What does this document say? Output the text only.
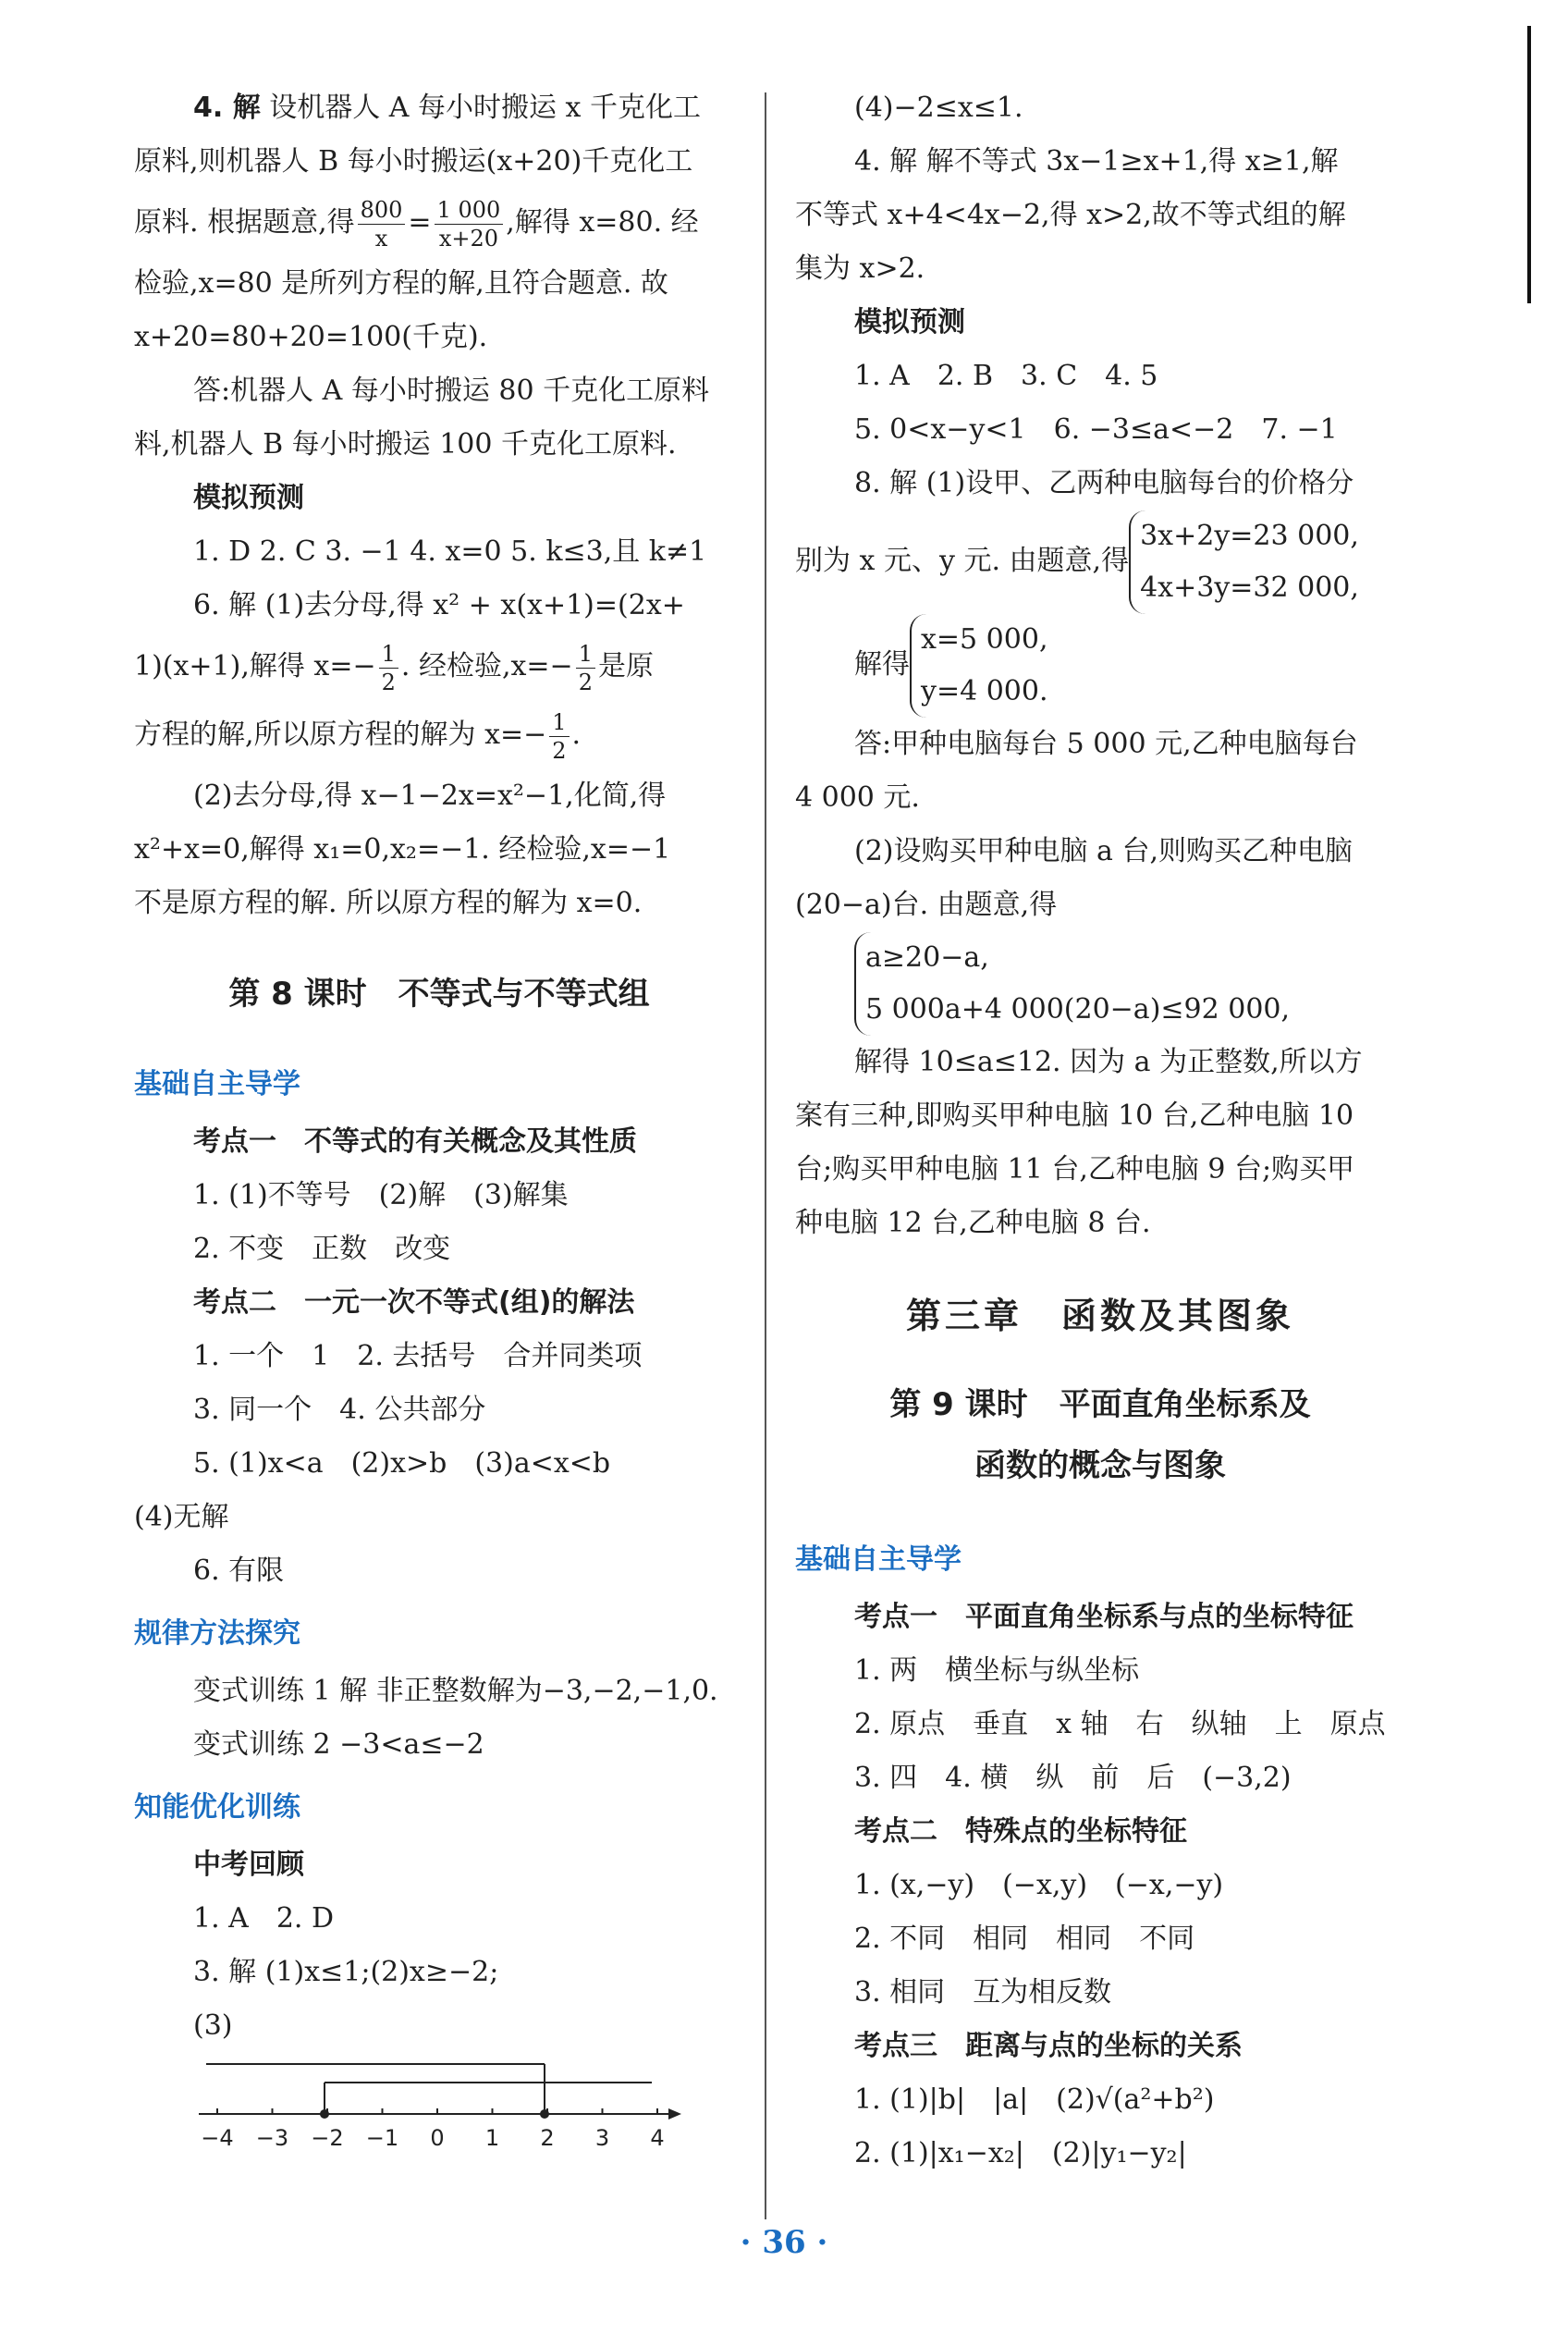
4. 解 设机器人 A 每小时搬运 x 千克化工

原料,则机器人 B 每小时搬运(x+20)千克化工

原料. 根据题意,得 $\frac{800}{x} = \frac{1 000}{x+20}$ ,解得 x=80. 经

检验,x=80 是所列方程的解,且符合题意. 故

x+20=80+20=100(千克).

答:机器人 A 每小时搬运 80 千克化工原料

料,机器人 B 每小时搬运 100 千克化工原料.

模拟预测

1. D 2. C 3. −1 4. x=0 5. k≤3,且 k≠1

6. 解 (1)去分母,得 x² + x(x+1)=(2x+

1)(x+1),解得 $x=- \frac{1}{2}$ . 经检验$,x=- \frac{1}{2}$ 是原

方程的解,所以原方程的解为 $x=- \frac{1}{2}$ .

(2)去分母,得 x−1−2x=x²−1,化简,得

x²+x=0,解得 x₁=0,x₂=−1. 经检验,x=−1

不是原方程的解. 所以原方程的解为 x=0.

第 8 课时　不等式与不等式组

基础自主导学

考点一　不等式的有关概念及其性质

1. (1)不等号　(2)解　(3)解集

2. 不变　正数　改变

考点二　一元一次不等式(组)的解法

1. 一个　1　2. 去括号　合并同类项

3. 同一个　4. 公共部分

5. (1)x<a　(2)x>b　(3)a<x<b

(4)无解

6. 有限

规律方法探究

变式训练 1 解 非正整数解为−3,−2,−1,0.

变式训练 2 −3<a≤−2

知能优化训练

中考回顾

1. A　2. D

3. 解 (1)x≤1;(2)x≥−2;

(3)

−4 −3 −2 −1 0 1 2 3 4

(4)−2≤x≤1.

4. 解 解不等式 3x−1≥x+1,得 x≥1,解

不等式 x+4<4x−2,得 x>2,故不等式组的解

集为 x>2.

模拟预测

1. A　2. B　3. C　4. 5

5. 0<x−y<1　6. −3≤a<−2　7. −1

8. 解 (1)设甲、乙两种电脑每台的价格分

别为 x 元、y 元. 由题意,得
3x+2y=23 000,
4x+3y=32 000,

解得
x=5 000,
y=4 000.

答:甲种电脑每台 5 000 元,乙种电脑每台

4 000 元.

(2)设购买甲种电脑 a 台,则购买乙种电脑

(20−a)台. 由题意,得

a≥20−a,
5 000a+4 000(20−a)≤92 000,

解得 10≤a≤12. 因为 a 为正整数,所以方

案有三种,即购买甲种电脑 10 台,乙种电脑 10

台;购买甲种电脑 11 台,乙种电脑 9 台;购买甲

种电脑 12 台,乙种电脑 8 台.

第三章　函数及其图象

第 9 课时　平面直角坐标系及
函数的概念与图象

基础自主导学

考点一　平面直角坐标系与点的坐标特征

1. 两　横坐标与纵坐标

2. 原点　垂直　x 轴　右　纵轴　上　原点

3. 四　4. 横　纵　前　后　(−3,2)

考点二　特殊点的坐标特征

1. (x,−y)　(−x,y)　(−x,−y)

2. 不同　相同　相同　不同

3. 相同　互为相反数

考点三　距离与点的坐标的关系

1. (1)|b|　|a|　(2)√(a²+b²)

2. (1)|x₁−x₂|　(2)|y₁−y₂|

· 36 ·
